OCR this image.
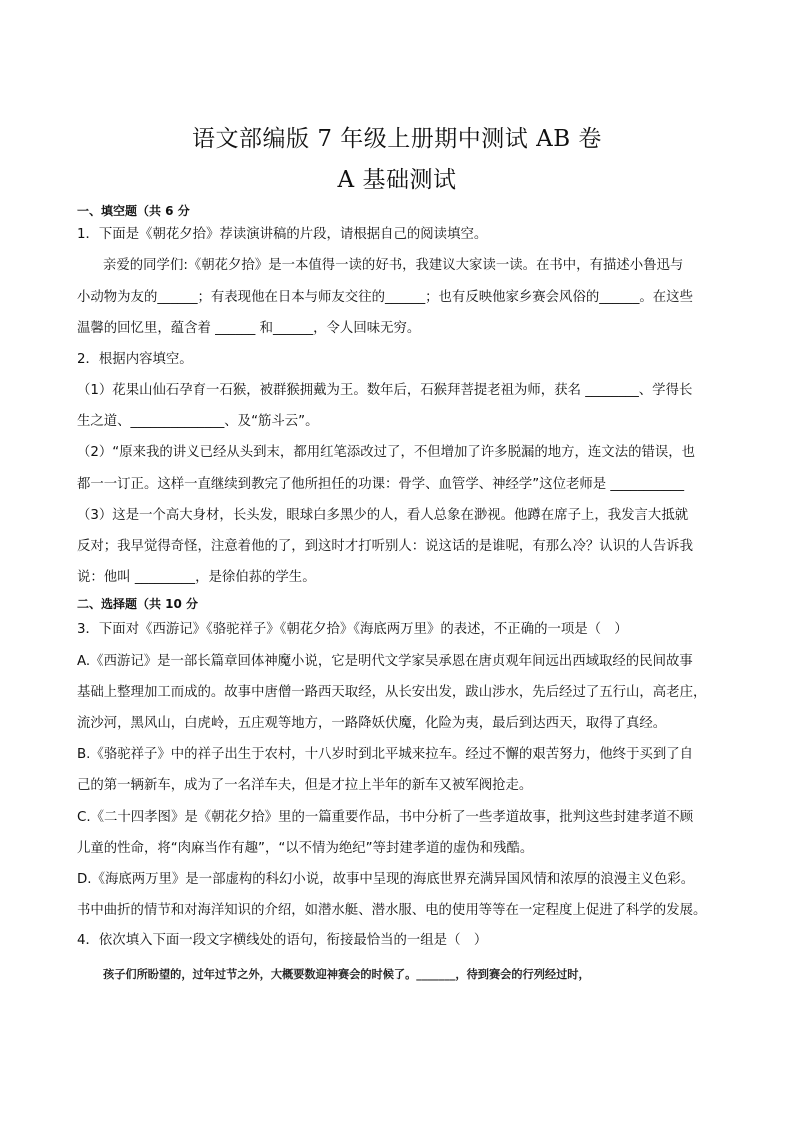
语文部编版 7 年级上册期中测试 AB 卷
A 基础测试
一、填空题（共 6 分
1．下面是《朝花夕拾》荐读演讲稿的片段，请根据自己的阅读填空。
亲爱的同学们:《朝花夕拾》是一本值得一读的好书，我建议大家读一读。在书中，有描述小鲁迅与
小动物为友的______；有表现他在日本与师友交往的______；也有反映他家乡赛会风俗的______。在这些
温馨的回忆里，蕴含着 ______ 和______，令人回味无穷。
2．根据内容填空。
（1）花果山仙石孕育一石猴，被群猴拥戴为王。数年后，石猴拜菩提老祖为师，获名 ________、学得长
生之道、______________、及“筋斗云”。
（2）“原来我的讲义已经从头到末，都用红笔添改过了，不但增加了许多脱漏的地方，连文法的错误，也
都一一订正。这样一直继续到教完了他所担任的功课：骨学、血管学、神经学”这位老师是 ___________
（3）这是一个高大身材，长头发，眼球白多黑少的人，看人总象在渺视。他蹲在席子上，我发言大抵就
反对；我早觉得奇怪，注意着他的了，到这时才打听别人：说这话的是谁呢，有那么冷？认识的人告诉我
说：他叫 _________，是徐伯荪的学生。
二、选择题（共 10 分
3．下面对《西游记》《骆驼祥子》《朝花夕拾》《海底两万里》的表述，不正确的一项是（　）
A.《西游记》是一部长篇章回体神魔小说，它是明代文学家吴承恩在唐贞观年间远出西域取经的民间故事
基础上整理加工而成的。故事中唐僧一路西天取经，从长安出发，跋山涉水，先后经过了五行山，高老庄，
流沙河，黑风山，白虎岭，五庄观等地方，一路降妖伏魔，化险为夷，最后到达西天，取得了真经。
B.《骆驼祥子》中的祥子出生于农村，十八岁时到北平城来拉车。经过不懈的艰苦努力，他终于买到了自
己的第一辆新车，成为了一名洋车夫，但是才拉上半年的新车又被军阀抢走。
C.《二十四孝图》是《朝花夕拾》里的一篇重要作品，书中分析了一些孝道故事，批判这些封建孝道不顾
儿童的性命，将“肉麻当作有趣”，“以不情为绝纪”等封建孝道的虚伪和残酷。
D.《海底两万里》是一部虚构的科幻小说，故事中呈现的海底世界充满异国风情和浓厚的浪漫主义色彩。
书中曲折的情节和对海洋知识的介绍，如潜水艇、潜水服、电的使用等等在一定程度上促进了科学的发展。
4．依次填入下面一段文字横线处的语句，衔接最恰当的一组是（　）
孩子们所盼望的，过年过节之外，大概要数迎神赛会的时候了。_______，待到赛会的行列经过时，
